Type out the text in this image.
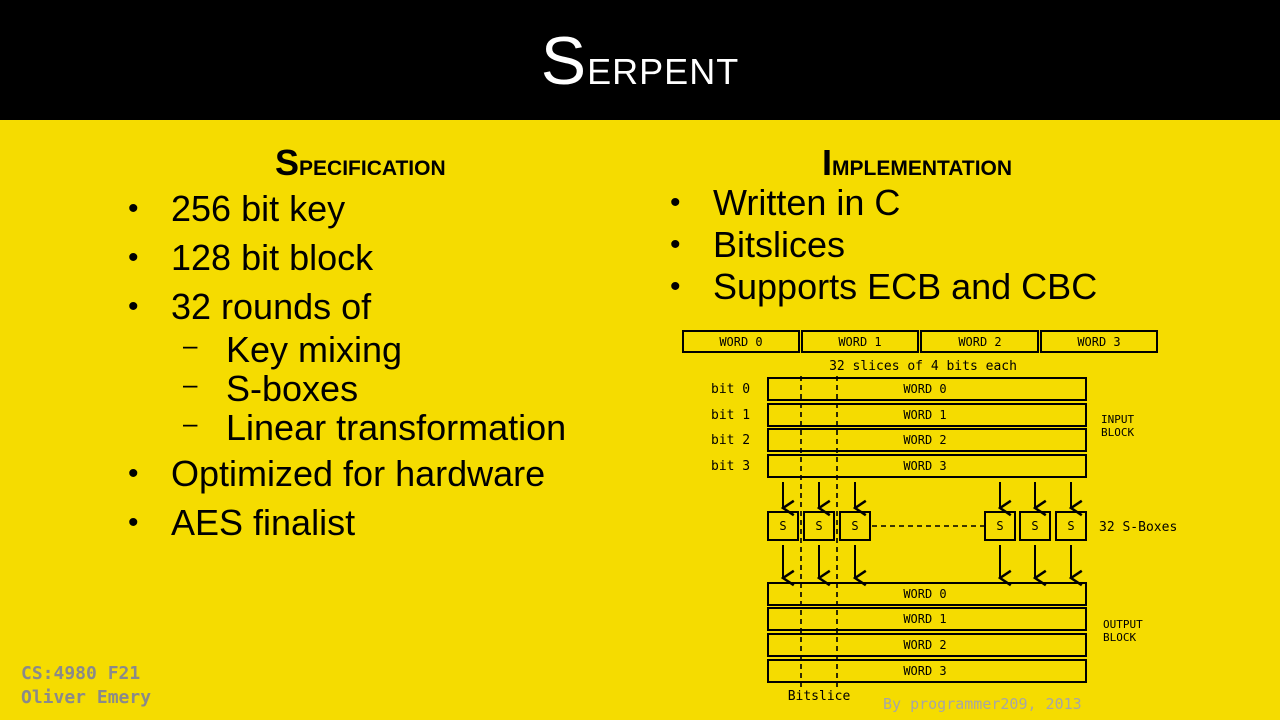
Serpent
Specification
• 256 bit key
• 128 bit block
• 32 rounds of
– Key mixing
– S-boxes
– Linear transformation
• Optimized for hardware
• AES finalist
Implementation
• Written in C
• Bitslices
• Supports ECB and CBC
WORD 0	WORD 1	WORD 2	WORD 3
32 slices of 4 bits each
bit 0
bit 1
bit 2
bit 3
WORD 0
WORD 1
WORD 2
WORD 3
INPUT
BLOCK
S S S	S S S 32 S-Boxes
WORD 0
WORD 1
WORD 2
WORD 3
OUTPUT
BLOCK
Bitslice
CS:4980 F21
Oliver Emery	By programmer209, 2013
